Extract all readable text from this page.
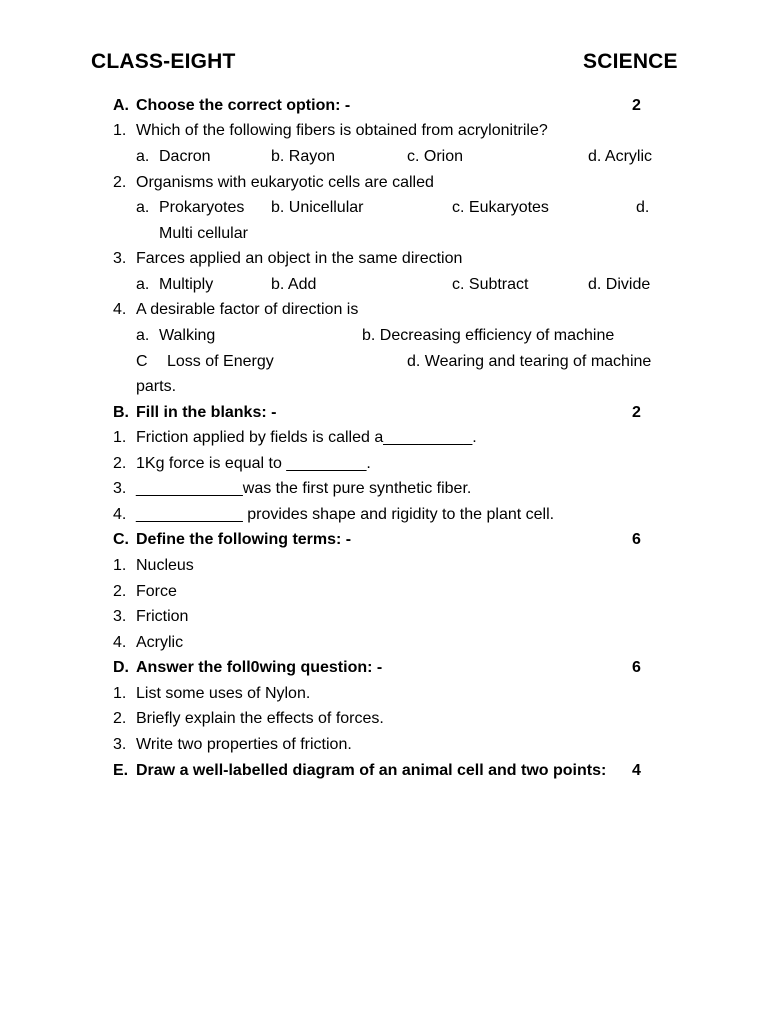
CLASS-EIGHT	SCIENCE
A. Choose the correct option: -	2
1. Which of the following fibers is obtained from acrylonitrile?
a. Dacron	b. Rayon	c. Orion	d. Acrylic
2. Organisms with eukaryotic cells are called
a. Prokaryotes b. Unicellular	c. Eukaryotes	d.
Multi cellular
3. Farces applied an object in the same direction
a. Multiply	b. Add	c. Subtract	d. Divide
4. A desirable factor of direction is
a. Walking	b. Decreasing efficiency of machine
C Loss of Energy	d. Wearing and tearing of machine
parts.
B. Fill in the blanks: -	2
1. Friction applied by fields is called a__________.
2. 1Kg force is equal to _________.
3. ____________was the first pure synthetic fiber.
4. ____________ provides shape and rigidity to the plant cell.
C. Define the following terms: -	6
1. Nucleus
2. Force
3. Friction
4. Acrylic
D. Answer the foll0wing question: -	6
1. List some uses of Nylon.
2. Briefly explain the effects of forces.
3. Write two properties of friction.
E. Draw a well-labelled diagram of an animal cell and two points: 4
